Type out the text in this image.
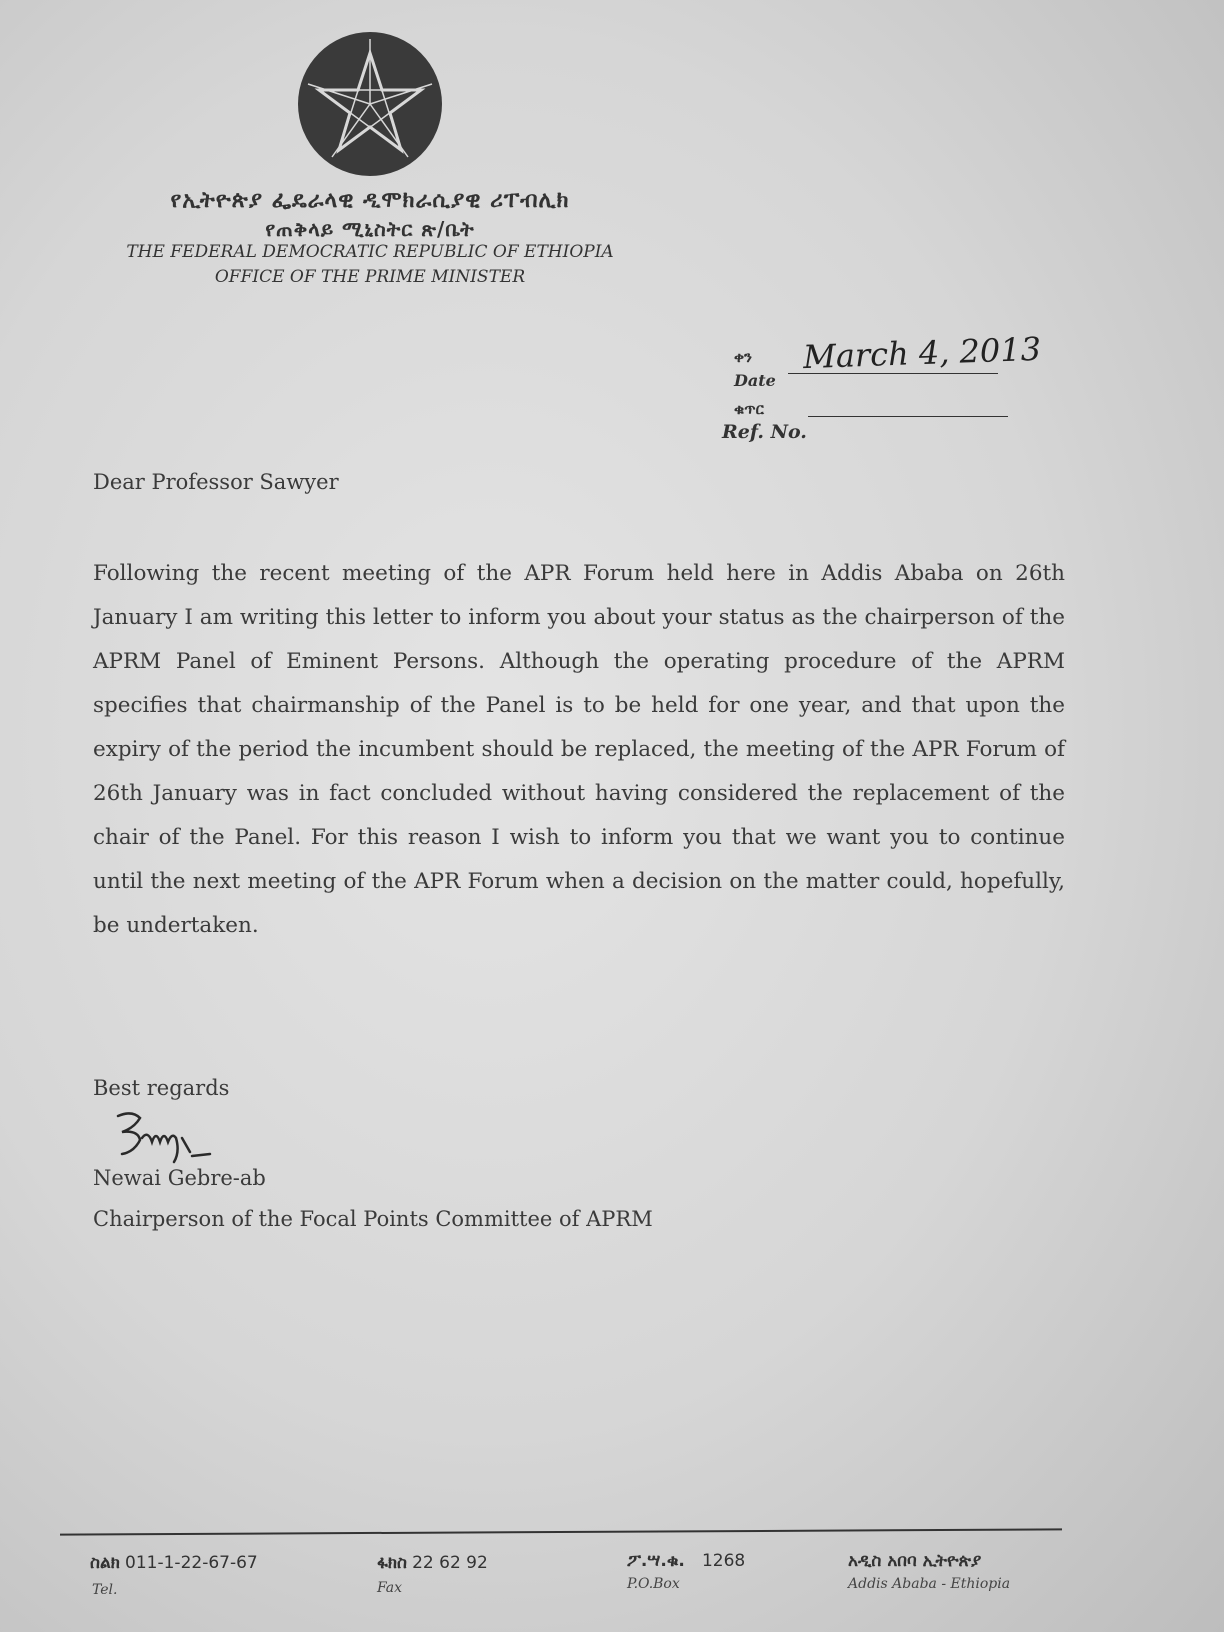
የኢትዮጵያ ፌዴራላዊ ዲሞክራሲያዊ ሪፐብሊክ
የጠቅላይ ሚኒስትር ጽ/ቤት
THE FEDERAL DEMOCRATIC REPUBLIC OF ETHIOPIA
OFFICE OF THE PRIME MINISTER
ቀን
Date
March 4, 2013
ቁጥር
Ref. No.
Dear Professor Sawyer
Following the recent meeting of the APR Forum held here in Addis Ababa on 26th January I am writing this letter to inform you about your status as the chairperson of the APRM Panel of Eminent Persons. Although the operating procedure of the APRM specifies that chairmanship of the Panel is to be held for one year, and that upon the expiry of the period the incumbent should be replaced, the meeting of the APR Forum of 26th January was in fact concluded without having considered the replacement of the chair of the Panel. For this reason I wish to inform you that we want you to continue until the next meeting of the APR Forum when a decision on the matter could, hopefully, be undertaken.
Best regards
Newai Gebre-ab
Chairperson of the Focal Points Committee of APRM
ስልክ 011-1-22-67-67
Tel.
ፋክስ 22 62 92
Fax
ፖ.ሣ.ቁ. 1268
P.O.Box
አዲስ አበባ ኢትዮጵያ
Addis Ababa - Ethiopia
